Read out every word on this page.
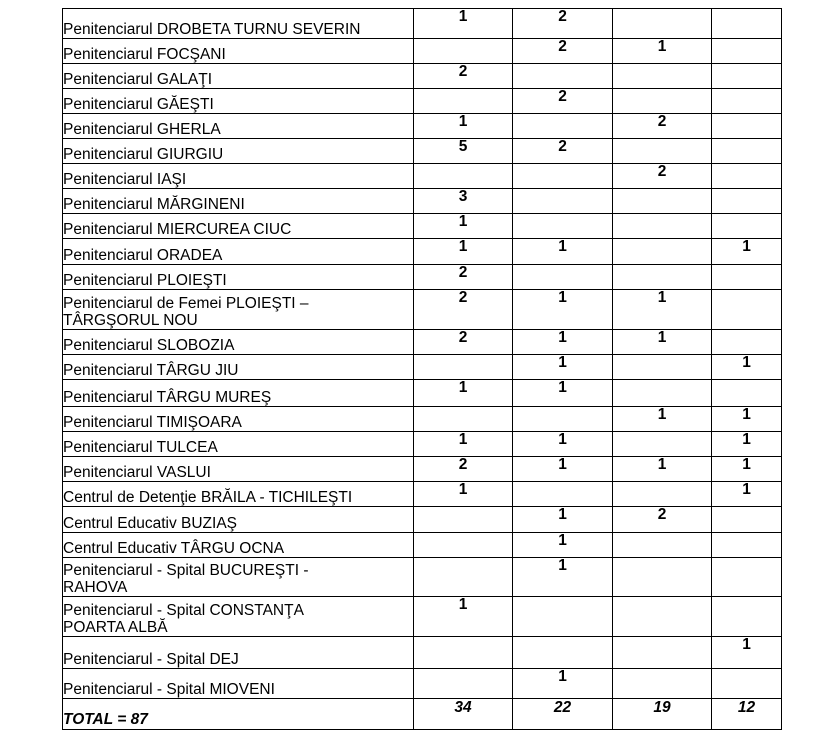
Penitenciarul DROBETA TURNU SEVERIN	1	2		
Penitenciarul FOCŞANI		2	1	
Penitenciarul GALAŢI	2			
Penitenciarul GĂEŞTI		2		
Penitenciarul GHERLA	1		2	
Penitenciarul GIURGIU	5	2		
Penitenciarul IAŞI			2	
Penitenciarul MĂRGINENI	3			
Penitenciarul MIERCUREA CIUC	1			
Penitenciarul ORADEA	1	1		1
Penitenciarul PLOIEŞTI	2			
Penitenciarul de Femei PLOIEŞTI –
TÂRGŞORUL NOU	2	1	1	
Penitenciarul SLOBOZIA	2	1	1	
Penitenciarul TÂRGU JIU		1		1
Penitenciarul TÂRGU MUREŞ	1	1		
Penitenciarul TIMIŞOARA			1	1
Penitenciarul TULCEA	1	1		1
Penitenciarul VASLUI	2	1	1	1
Centrul de Detenţie BRĂILA - TICHILEŞTI	1			1
Centrul Educativ BUZIAŞ		1	2	
Centrul Educativ TÂRGU OCNA		1		
Penitenciarul - Spital BUCUREŞTI -
RAHOVA		1		
Penitenciarul - Spital CONSTANŢA
POARTA ALBĂ	1			
Penitenciarul - Spital DEJ				1
Penitenciarul - Spital MIOVENI		1		
TOTAL = 87	34	22	19	12
